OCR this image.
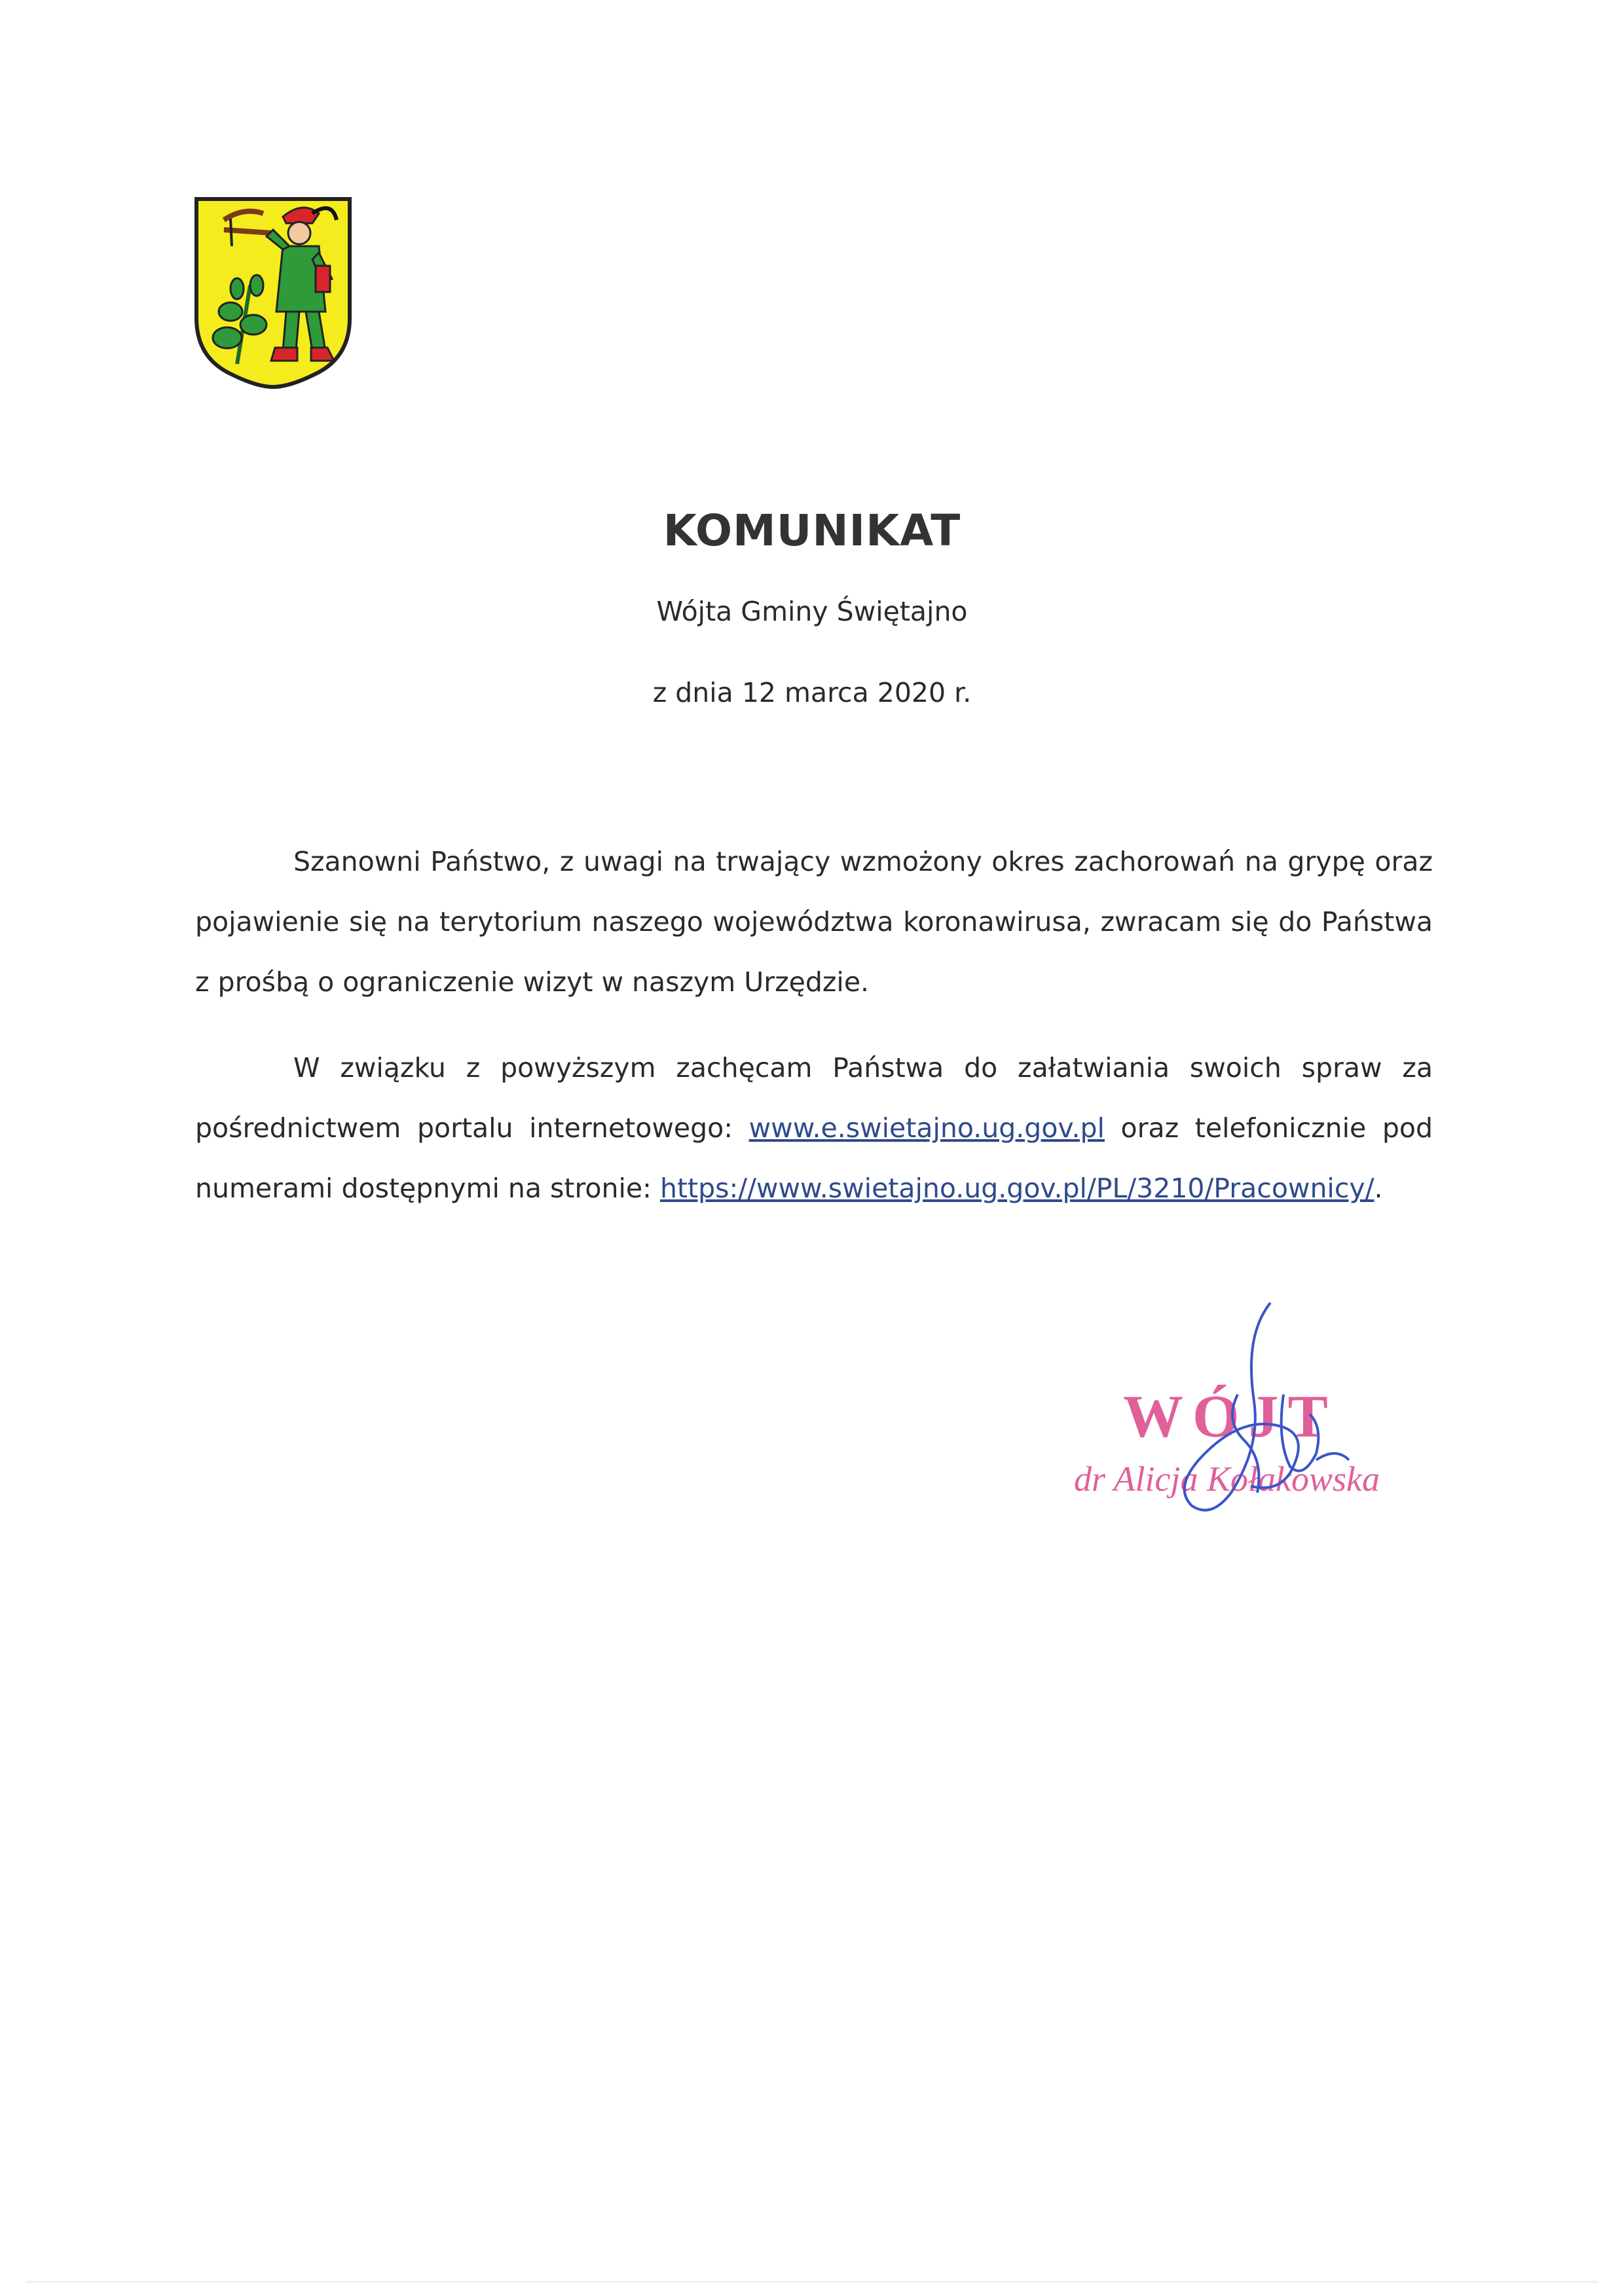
KOMUNIKAT
Wójta Gminy Świętajno
z dnia 12 marca 2020 r.

Szanowni Państwo, z uwagi na trwający wzmożony okres zachorowań na grypę oraz pojawienie się na terytorium naszego województwa koronawirusa, zwracam się do Państwa z prośbą o ograniczenie wizyt w naszym Urzędzie.

W związku z powyższym zachęcam Państwa do załatwiania swoich spraw za pośrednictwem portalu internetowego: www.e.swietajno.ug.gov.pl oraz telefonicznie pod numerami dostępnymi na stronie: https://www.swietajno.ug.gov.pl/PL/3210/Pracownicy/.

WÓJT
dr Alicja Kołakowska
